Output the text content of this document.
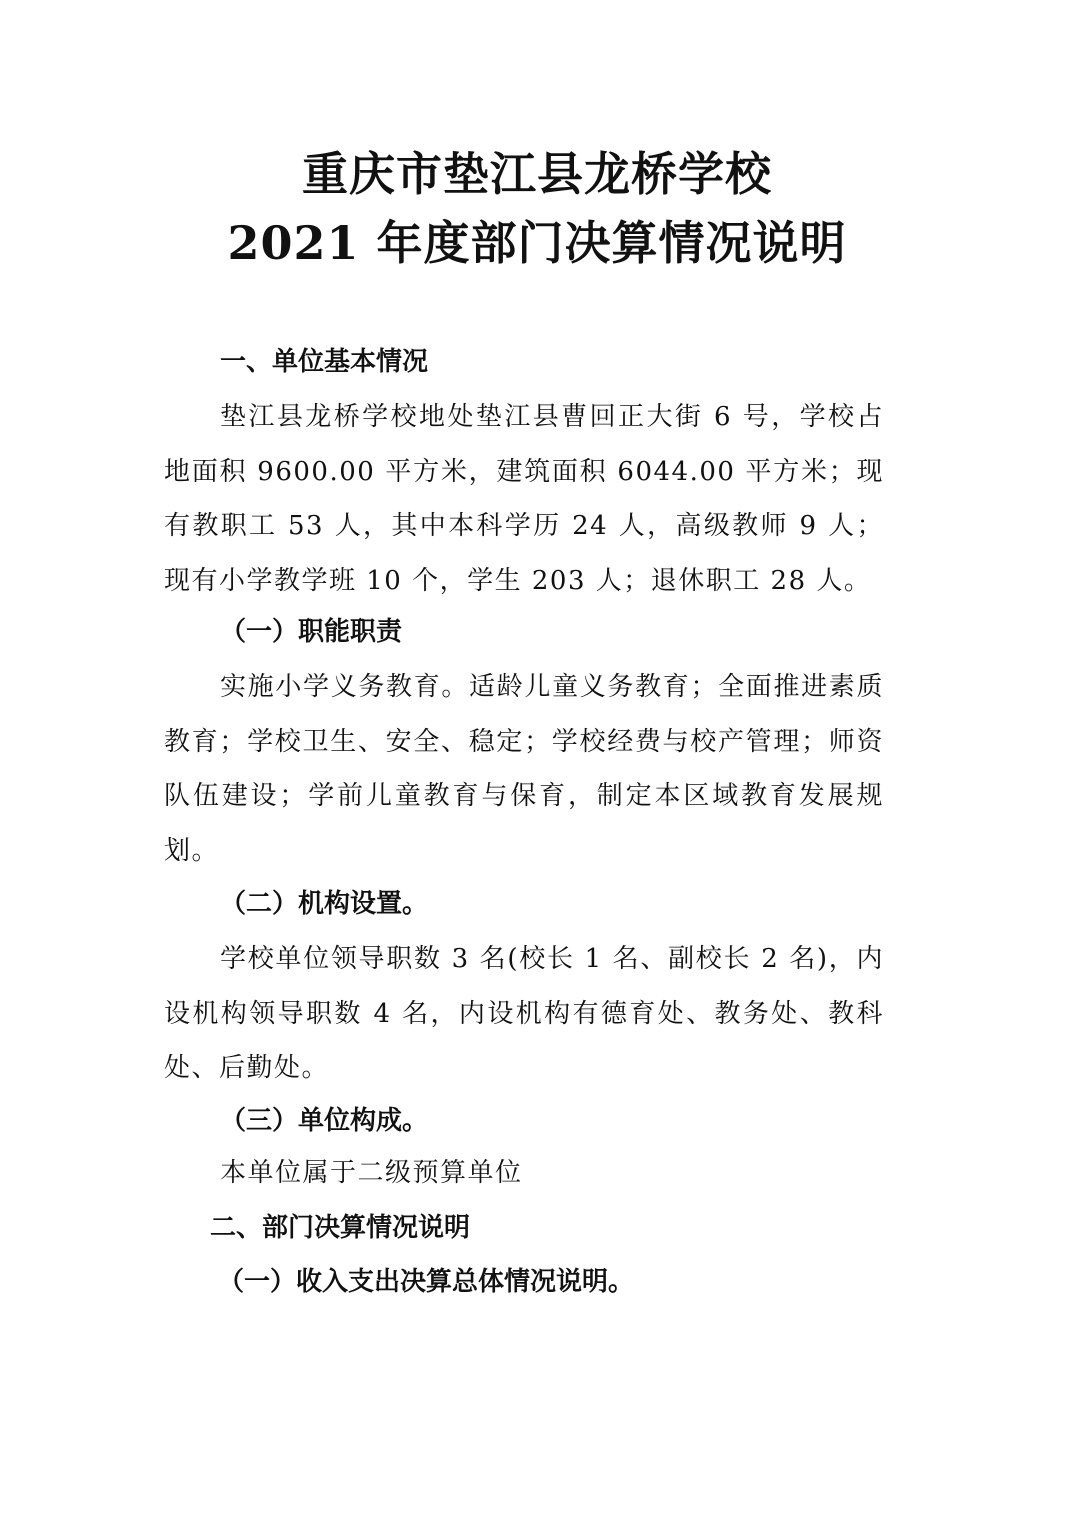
重庆市垫江县龙桥学校
2021 年度部门决算情况说明
一、单位基本情况

垫江县龙桥学校地处垫江县曹回正大街 6 号，学校占地面积 9600.00 平方米，建筑面积 6044.00 平方米；现有教职工 53 人，其中本科学历 24 人，高级教师 9 人；现有小学教学班 10 个，学生 203 人；退休职工 28 人。

（一）职能职责

实施小学义务教育。适龄儿童义务教育；全面推进素质教育；学校卫生、安全、稳定；学校经费与校产管理；师资队伍建设；学前儿童教育与保育，制定本区域教育发展规划。

（二）机构设置。

学校单位领导职数 3 名(校长 1 名、副校长 2 名)，内设机构领导职数 4 名，内设机构有德育处、教务处、教科处、后勤处。

（三）单位构成。

本单位属于二级预算单位

二、部门决算情况说明
（一）收入支出决算总体情况说明。
